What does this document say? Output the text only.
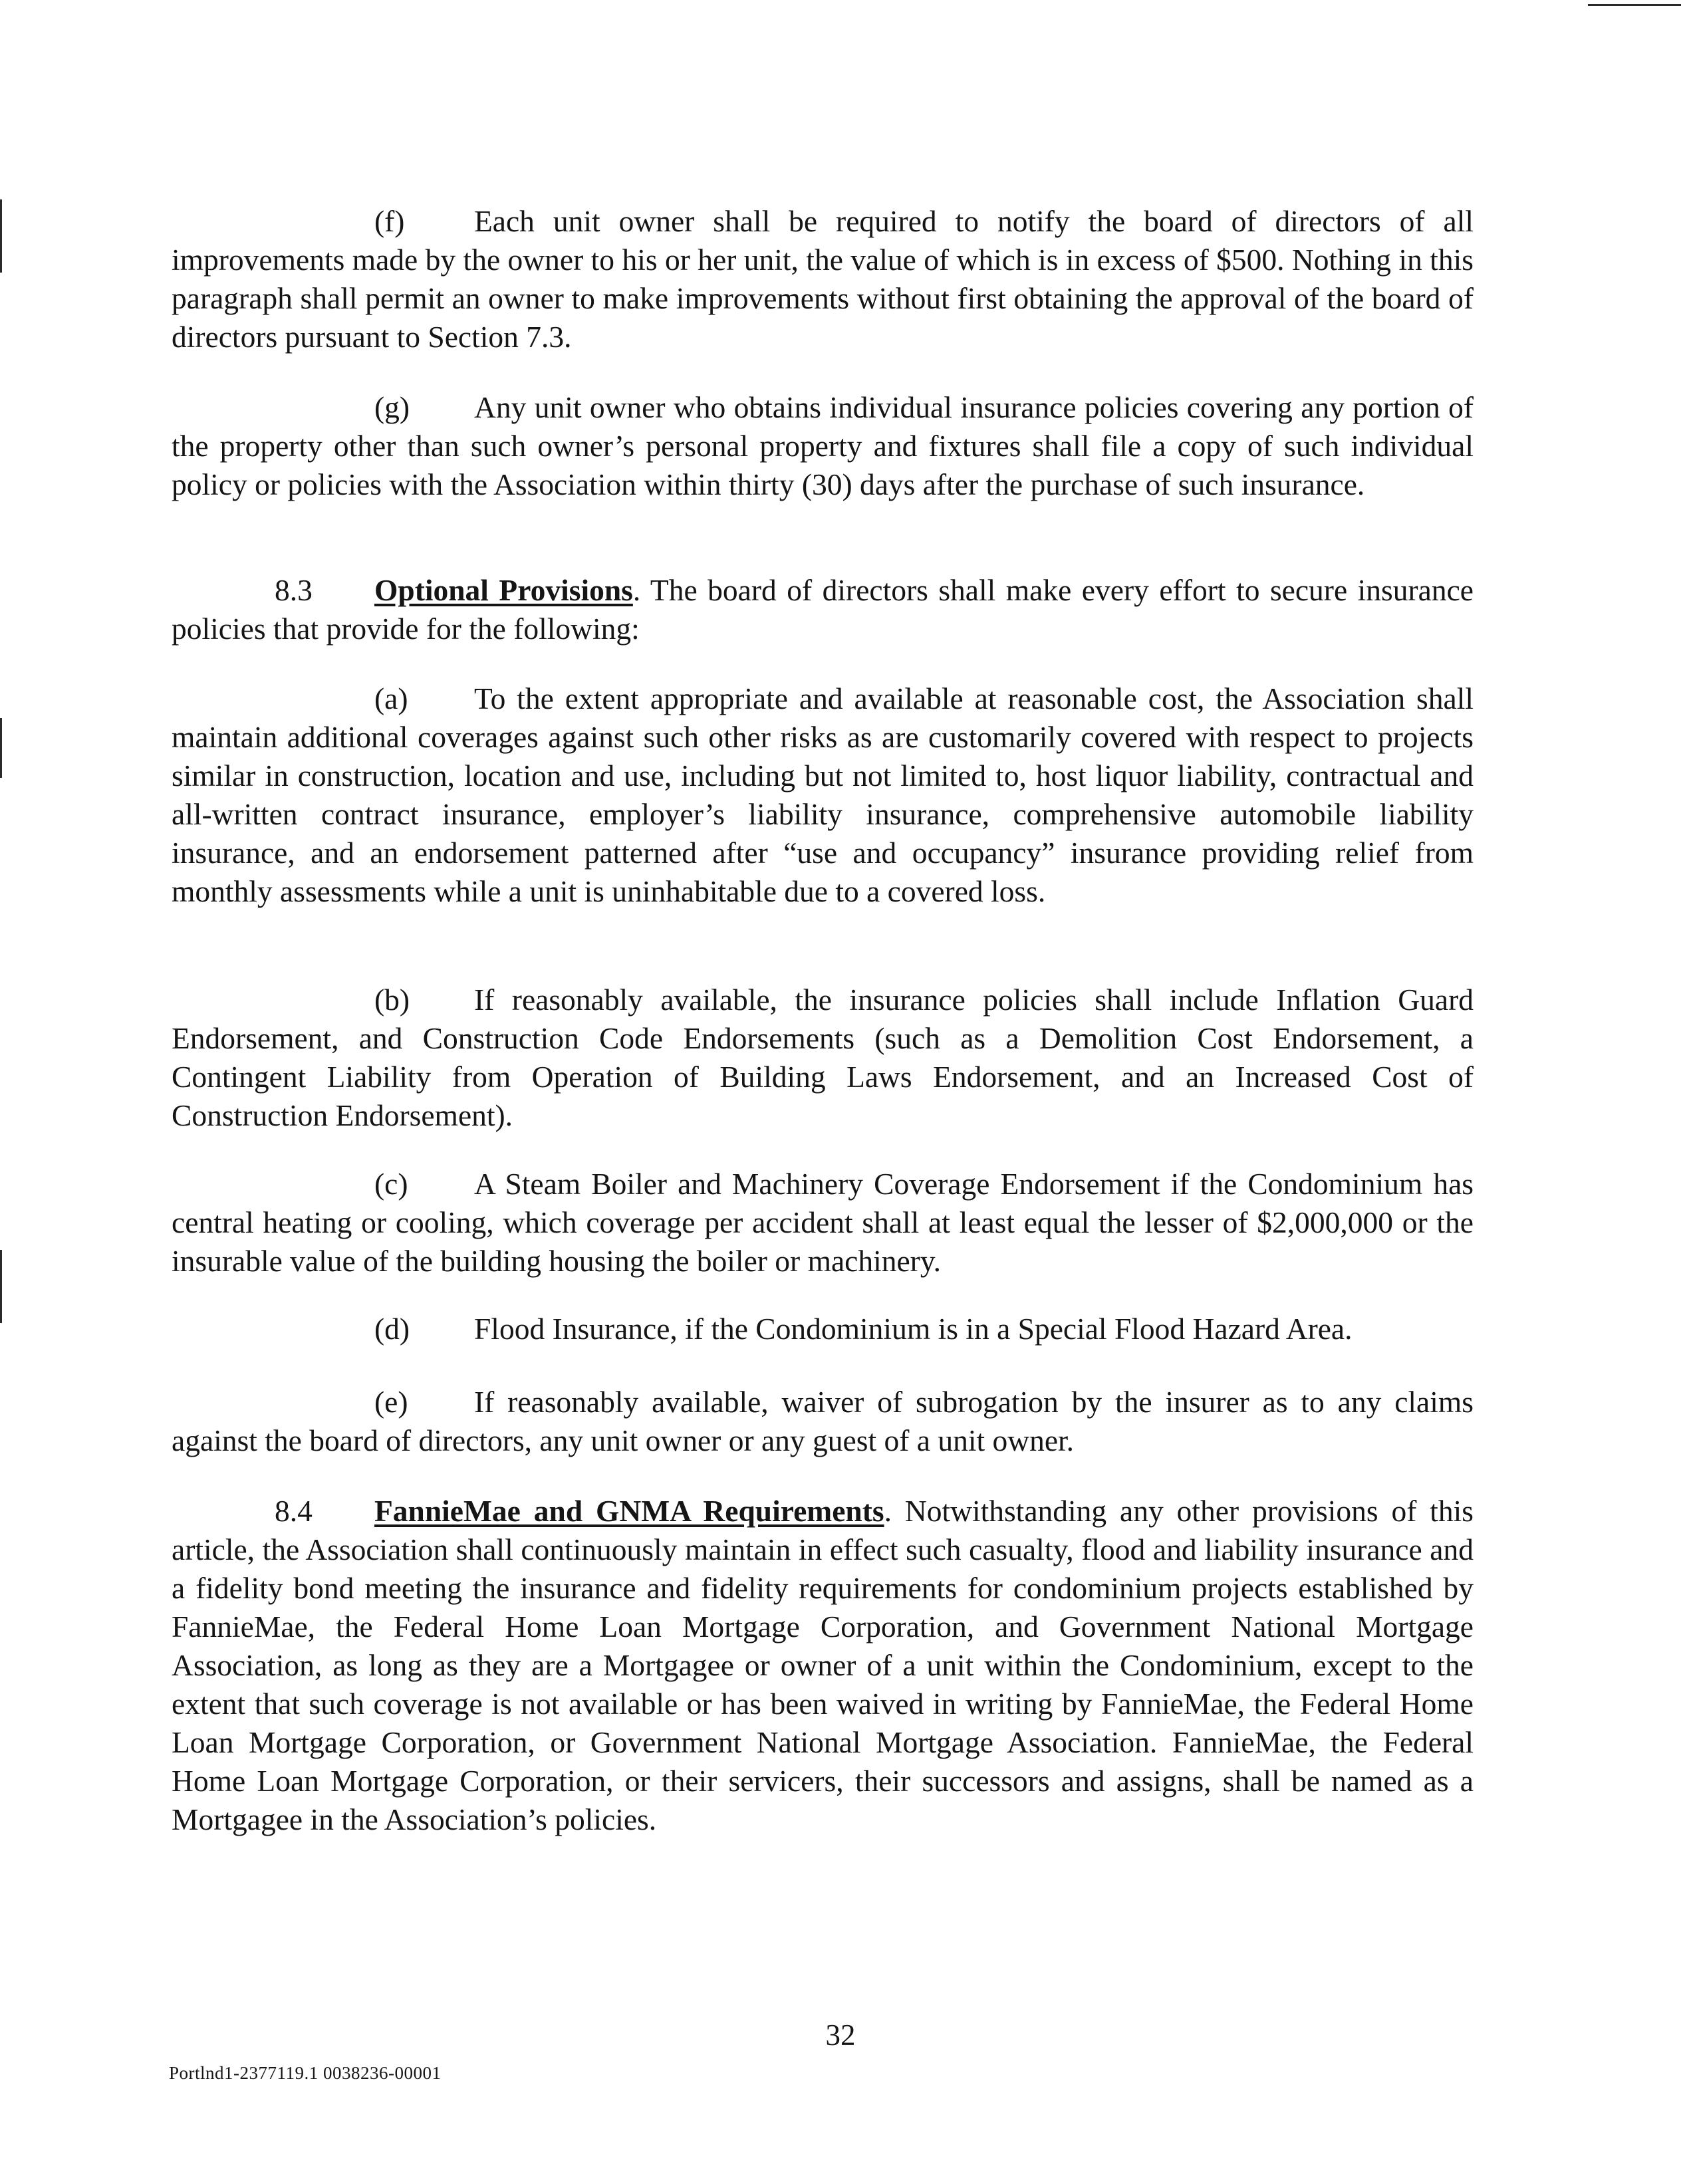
(f) Each unit owner shall be required to notify the board of directors of all improvements made by the owner to his or her unit, the value of which is in excess of $500. Nothing in this paragraph shall permit an owner to make improvements without first obtaining the approval of the board of directors pursuant to Section 7.3.

(g) Any unit owner who obtains individual insurance policies covering any portion of the property other than such owner’s personal property and fixtures shall file a copy of such individual policy or policies with the Association within thirty (30) days after the purchase of such insurance.

8.3 Optional Provisions. The board of directors shall make every effort to secure insurance policies that provide for the following:

(a) To the extent appropriate and available at reasonable cost, the Association shall maintain additional coverages against such other risks as are customarily covered with respect to projects similar in construction, location and use, including but not limited to, host liquor liability, contractual and all-written contract insurance, employer’s liability insurance, comprehensive automobile liability insurance, and an endorsement patterned after “use and occupancy” insurance providing relief from monthly assessments while a unit is uninhabitable due to a covered loss.

(b) If reasonably available, the insurance policies shall include Inflation Guard Endorsement, and Construction Code Endorsements (such as a Demolition Cost Endorsement, a Contingent Liability from Operation of Building Laws Endorsement, and an Increased Cost of Construction Endorsement).

(c) A Steam Boiler and Machinery Coverage Endorsement if the Condominium has central heating or cooling, which coverage per accident shall at least equal the lesser of $2,000,000 or the insurable value of the building housing the boiler or machinery.

(d) Flood Insurance, if the Condominium is in a Special Flood Hazard Area.

(e) If reasonably available, waiver of subrogation by the insurer as to any claims against the board of directors, any unit owner or any guest of a unit owner.

8.4 FannieMae and GNMA Requirements. Notwithstanding any other provisions of this article, the Association shall continuously maintain in effect such casualty, flood and liability insurance and a fidelity bond meeting the insurance and fidelity requirements for condominium projects established by FannieMae, the Federal Home Loan Mortgage Corporation, and Government National Mortgage Association, as long as they are a Mortgagee or owner of a unit within the Condominium, except to the extent that such coverage is not available or has been waived in writing by FannieMae, the Federal Home Loan Mortgage Corporation, or Government National Mortgage Association. FannieMae, the Federal Home Loan Mortgage Corporation, or their servicers, their successors and assigns, shall be named as a Mortgagee in the Association’s policies.

32
Portlnd1-2377119.1 0038236-00001
